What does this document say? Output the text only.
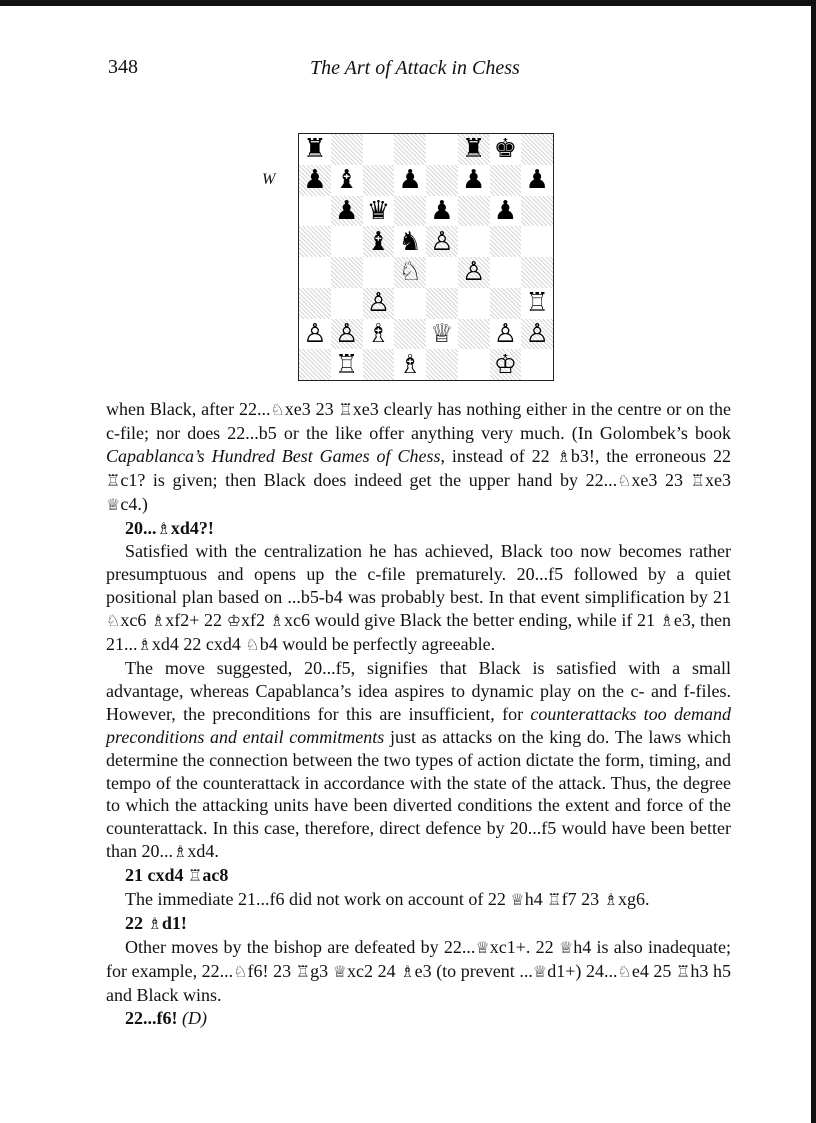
348	The Art of Attack in Chess
W
♜	♜ ♚
♟ ♝ ♟ ♟ ♟
♟ ♛ ♟ ♟
♝ ♞ ♙
♘ ♙
♙	♖
♙ ♙ ♗ ♕ ♙ ♙
♖ ♗	♔

when Black, after 22...♘xe3 23 ♖xe3 clearly has nothing either in the centre or on the c-file; nor does 22...b5 or the like offer anything very much. (In Golombek’s book Capablanca’s Hundred Best Games of Chess, instead of 22 ♗b3!, the erroneous 22 ♖c1? is given; then Black does indeed get the upper hand by 22...♘xe3 23 ♖xe3 ♕c4.)

20...♗xd4?!

Satisfied with the centralization he has achieved, Black too now becomes rather presumptuous and opens up the c-file prematurely. 20...f5 followed by a quiet positional plan based on ...b5-b4 was probably best. In that event simplification by 21 ♘xc6 ♗xf2+ 22 ♔xf2 ♗xc6 would give Black the better ending, while if 21 ♗e3, then 21...♗xd4 22 cxd4 ♘b4 would be perfectly agreeable.

The move suggested, 20...f5, signifies that Black is satisfied with a small advantage, whereas Capablanca’s idea aspires to dynamic play on the c- and f-files. However, the preconditions for this are insufficient, for counterattacks too demand preconditions and entail commitments just as attacks on the king do. The laws which determine the connection between the two types of action dictate the form, timing, and tempo of the counterattack in accordance with the state of the attack. Thus, the degree to which the attacking units have been diverted conditions the extent and force of the counterattack. In this case, therefore, direct defence by 20...f5 would have been better than 20...♗xd4.

21 cxd4 ♖ac8

The immediate 21...f6 did not work on account of 22 ♕h4 ♖f7 23 ♗xg6.

22 ♗d1!

Other moves by the bishop are defeated by 22...♕xc1+. 22 ♕h4 is also inadequate; for example, 22...♘f6! 23 ♖g3 ♕xc2 24 ♗e3 (to prevent ...♕d1+) 24...♘e4 25 ♖h3 h5 and Black wins.

22...f6! (D)
